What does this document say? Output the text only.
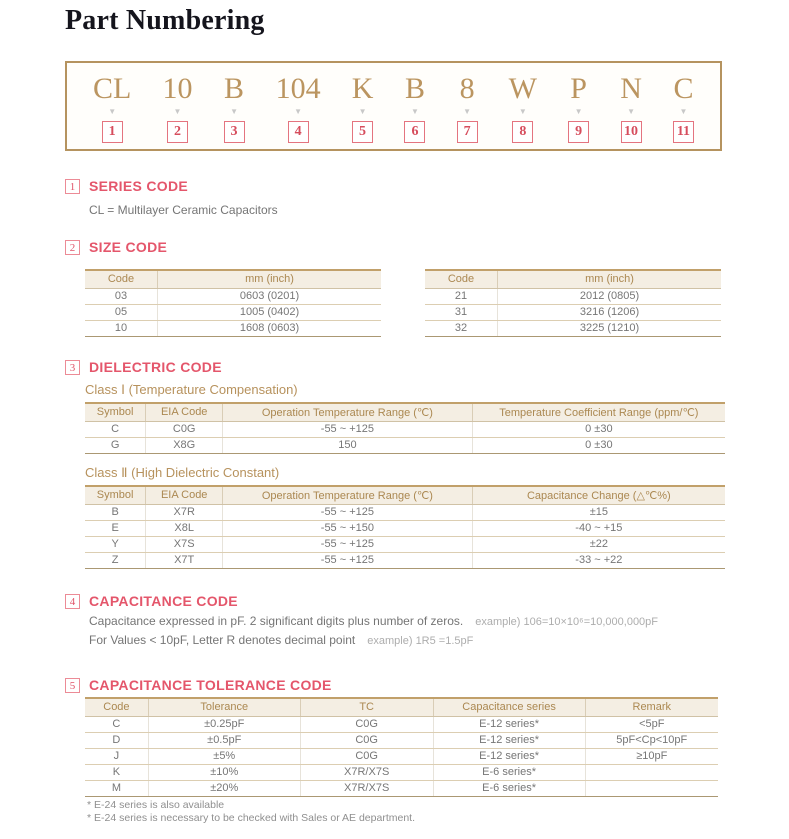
Part Numbering
CL
▼
1
10
▼
2
B
▼
3
104
▼
4
K
▼
5
B
▼
6
8
▼
7
W
▼
8
P
▼
9
N
▼
10
C
▼
11
1 SERIES CODE
CL = Multilayer Ceramic Capacitors
2 SIZE CODE
Code	mm (inch)
03	0603 (0201)
05	1005 (0402)
10	1608 (0603)
Code	mm (inch)
21	2012 (0805)
31	3216 (1206)
32	3225 (1210)
3 DIELECTRIC CODE
Class Ⅰ (Temperature Compensation)
Symbol	EIA Code	Operation Temperature Range (℃)	Temperature Coefficient Range (ppm/℃)
C	C0G	-55 ~ +125	0 ±30
G	X8G	150	0 ±30
Class Ⅱ (High Dielectric Constant)
Symbol	EIA Code	Operation Temperature Range (℃)	Capacitance Change (△℃%)
B	X7R	-55 ~ +125	±15
E	X8L	-55 ~ +150	-40 ~ +15
Y	X7S	-55 ~ +125	±22
Z	X7T	-55 ~ +125	-33 ~ +22
4 CAPACITANCE CODE
Capacitance expressed in pF. 2 significant digits plus number of zeros. example) 106=10×10⁶=10,000,000pF
For Values < 10pF, Letter R denotes decimal point example) 1R5 =1.5pF
5 CAPACITANCE TOLERANCE CODE
Code	Tolerance	TC	Capacitance series	Remark
C	±0.25pF	C0G	E-12 series*	<5pF
D	±0.5pF	C0G	E-12 series*	5pF<Cp<10pF
J	±5%	C0G	E-12 series*	≥10pF
K	±10%	X7R/X7S	E-6 series*	
M	±20%	X7R/X7S	E-6 series*	
* E-24 series is also available
* E-24 series is necessary to be checked with Sales or AE department.
